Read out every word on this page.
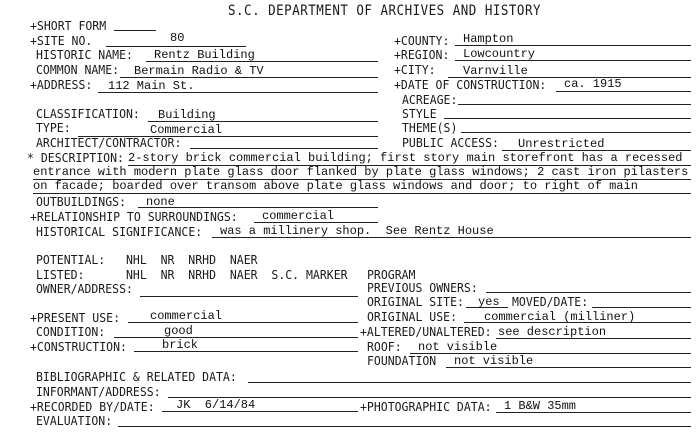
S.C. DEPARTMENT OF ARCHIVES AND HISTORY
+SHORT FORM
+SITE NO.	80
HISTORIC NAME: Rentz Building
COMMON NAME: Bermain Radio & TV
+ADDRESS: 112 Main St.
+COUNTY: Hampton
+REGION: Lowcountry
+CITY: Varnville
+DATE OF CONSTRUCTION: ca. 1915
ACREAGE:
STYLE
THEME(S)
PUBLIC ACCESS: Unrestricted
CLASSIFICATION: Building
TYPE:	Commercial
ARCHITECT/CONTRACTOR:
* DESCRIPTION: 2-story brick commercial building; first story main storefront has a recessed
entrance with modern plate glass door flanked by plate glass windows; 2 cast iron pilasters
on facade; boarded over transom above plate glass windows and door; to right of main
OUTBUILDINGS: none
+RELATIONSHIP TO SURROUNDINGS: commercial
HISTORICAL SIGNIFICANCE: was a millinery shop.  See Rentz House
POTENTIAL: NHL  NR  NRHD  NAER
LISTED:	NHL  NR  NRHD  NAER  S.C. MARKER PROGRAM
OWNER/ADDRESS:	PREVIOUS OWNERS:
ORIGINAL SITE: yes MOVED/DATE:
+PRESENT USE: commercial	ORIGINAL USE: commercial (milliner)
CONDITION:	good	+ALTERED/UNALTERED: see description
+CONSTRUCTION:	brick	ROOF: not visible
FOUNDATION not visible
BIBLIOGRAPHIC & RELATED DATA:
INFORMANT/ADDRESS:
+RECORDED BY/DATE: JK  6/14/84	+PHOTOGRAPHIC DATA: 1 B&W 35mm
EVALUATION:
